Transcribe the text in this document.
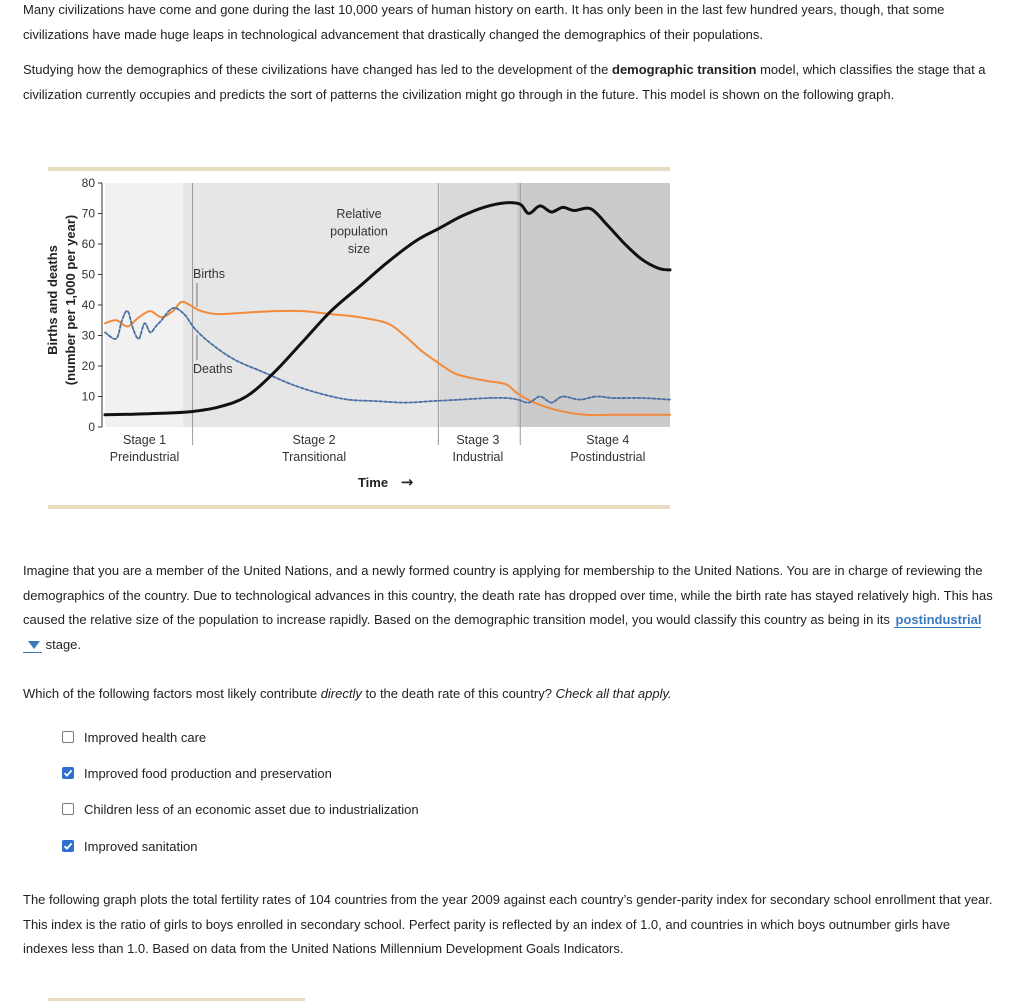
Many civilizations have come and gone during the last 10,000 years of human history on earth. It has only been in the last few hundred years, though, that some civilizations have made huge leaps in technological advancement that drastically changed the demographics of their populations.
Studying how the demographics of these civilizations have changed has led to the development of the demographic transition model, which classifies the stage that a civilization currently occupies and predicts the sort of patterns the civilization might go through in the future. This model is shown on the following graph.
0
10
20
30
40
50
60
70
80
Births and deaths (number per 1,000 per year)	Births
Deaths
Relative
population
size
Stage 1
Preindustrial
Stage 2
Transitional
Stage 3
Industrial
Stage 4
Postindustrial
Time →
Imagine that you are a member of the United Nations, and a newly formed country is applying for membership to the United Nations. You are in charge of reviewing the demographics of the country. Due to technological advances in this country, the death rate has dropped over time, while the birth rate has stayed relatively high. This has caused the relative size of the population to increase rapidly. Based on the demographic transition model, you would classify this country as being in its postindustrial stage.
Which of the following factors most likely contribute directly to the death rate of this country? Check all that apply.
Improved health care
Improved food production and preservation
Children less of an economic asset due to industrialization
Improved sanitation
The following graph plots the total fertility rates of 104 countries from the year 2009 against each country’s gender-parity index for secondary school enrollment that year. This index is the ratio of girls to boys enrolled in secondary school. Perfect parity is reflected by an index of 1.0, and countries in which boys outnumber girls have indexes less than 1.0. Based on data from the United Nations Millennium Development Goals Indicators.
